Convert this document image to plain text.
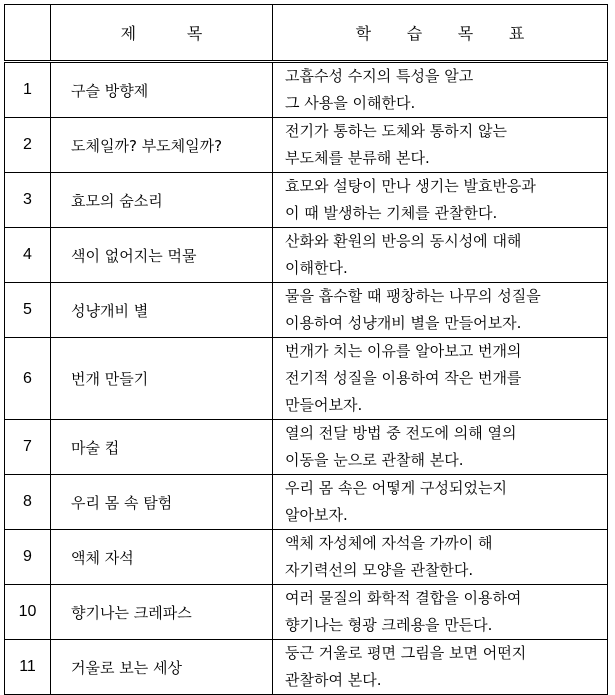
	제          목	학       습       목       표
1	구슬 방향제	고흡수성 수지의 특성을 알고
그 사용을 이해한다.

2	도체일까? 부도체일까?	전기가 통하는 도체와 통하지 않는
부도체를 분류해 본다.

3	효모의 숨소리	효모와 설탕이 만나 생기는 발효반응과
이 때 발생하는 기체를 관찰한다.

4	색이 없어지는 먹물	산화와 환원의 반응의 동시성에 대해
이해한다.

5	성냥개비 별	물을 흡수할 때 팽창하는 나무의 성질을
이용하여 성냥개비 별을 만들어보자.

6	번개 만들기	번개가 치는 이유를 알아보고 번개의
전기적 성질을 이용하여 작은 번개를
만들어보자.

7	마술 컵	열의 전달 방법 중 전도에 의해 열의
이동을 눈으로 관찰해 본다.

8	우리 몸 속 탐험	우리 몸 속은 어떻게 구성되었는지
알아보자.

9	액체 자석	액체 자성체에 자석을 가까이 해
자기력선의 모양을 관찰한다.

10	향기나는 크레파스	여러 물질의 화학적 결합을 이용하여
향기나는 형광 크레용을 만든다.

11	거울로 보는 세상	둥근 거울로 평면 그림을 보면 어떤지
관찰하여 본다.
